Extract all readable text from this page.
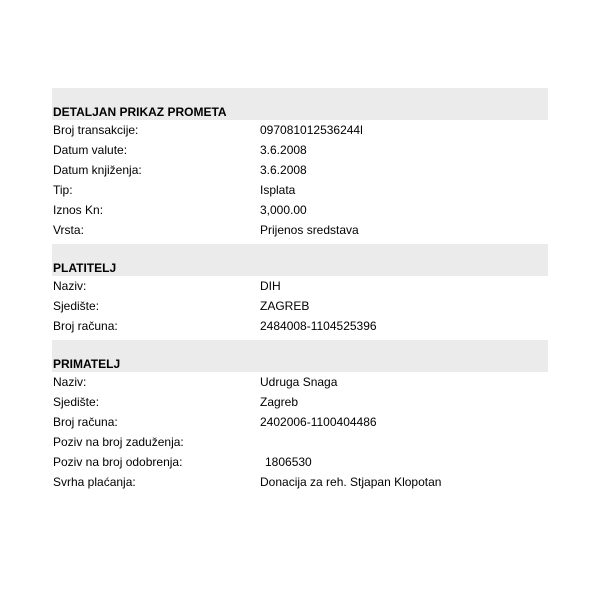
DETALJAN PRIKAZ PROMETA
Broj transakcije:	097081012536244l
Datum valute:	3.6.2008
Datum knjiženja:	3.6.2008
Tip:	Isplata
Iznos Kn:	3,000.00
Vrsta:	Prijenos sredstava
PLATITELJ
Naziv:	DIH
Sjedište:	ZAGREB
Broj računa:	2484008-1104525396
PRIMATELJ
Naziv:	Udruga Snaga
Sjedište:	Zagreb
Broj računa:	2402006-1100404486
Poziv na broj zaduženja:
Poziv na broj odobrenja:	1806530
Svrha plaćanja:	Donacija za reh. Stjapan Klopotan
